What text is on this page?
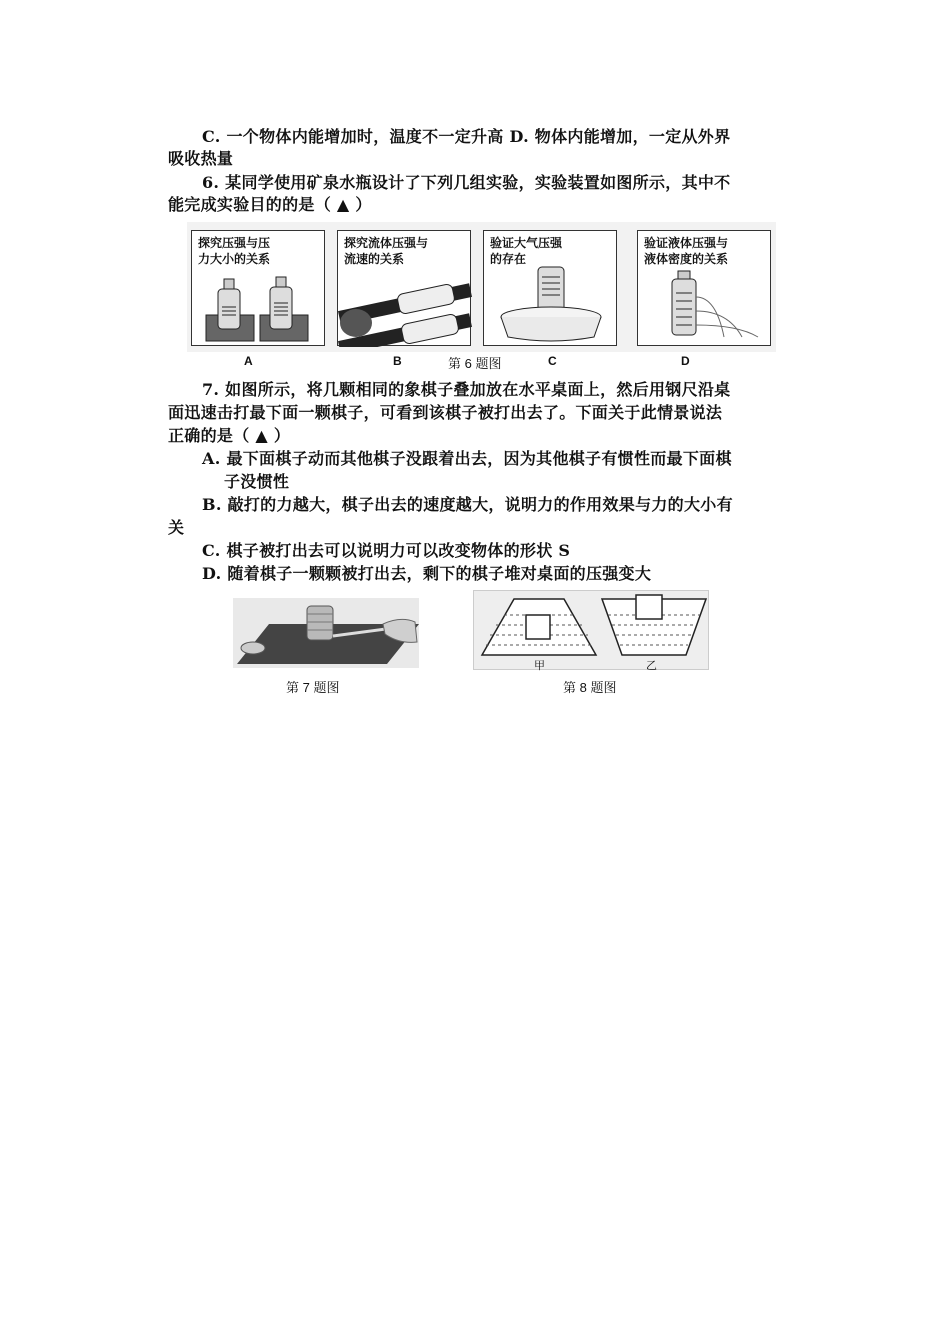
C. 一个物体内能增加时，温度不一定升高 D. 物体内能增加，一定从外界
吸收热量
6. 某同学使用矿泉水瓶设计了下列几组实验，实验装置如图所示，其中不
能完成实验目的的是（ ▲ ）
探究压强与压
力大小的关系
探究流体压强与
流速的关系
验证大气压强
的存在
验证液体压强与
液体密度的关系
A	B	C	D
第 6 题图
7. 如图所示，将几颗相同的象棋子叠加放在水平桌面上，然后用钢尺沿桌
面迅速击打最下面一颗棋子，可看到该棋子被打出去了。下面关于此情景说法
正确的是（ ▲ ）
A. 最下面棋子动而其他棋子没跟着出去，因为其他棋子有惯性而最下面棋
子没惯性
B. 敲打的力越大，棋子出去的速度越大，说明力的作用效果与力的大小有
关
C. 棋子被打出去可以说明力可以改变物体的形状 S
D. 随着棋子一颗颗被打出去，剩下的棋子堆对桌面的压强变大
第 7 题图
甲	乙
第 8 题图
